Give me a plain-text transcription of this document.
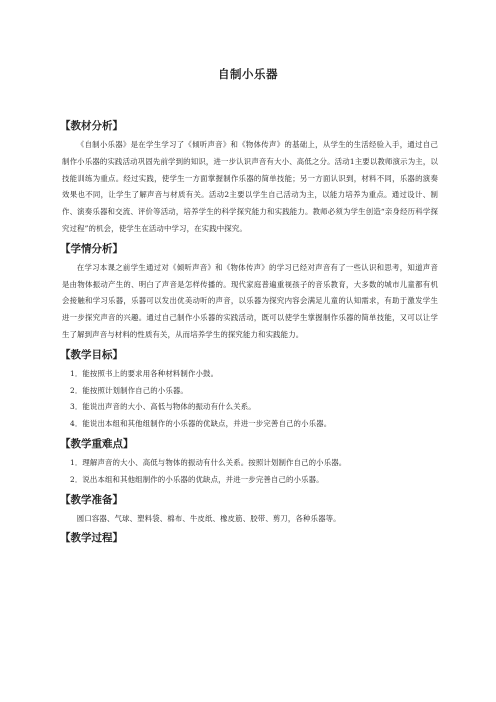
自制小乐器
【教材分析】

《自制小乐器》是在学生学习了《倾听声音》和《物体传声》的基础上，从学生的生活经验入手，通过自己制作小乐器的实践活动巩固先前学到的知识，进一步认识声音有大小、高低之分。活动1主要以教师演示为主，以技能训练为重点。经过实践，使学生一方面掌握制作乐器的简单技能；另一方面认识到，材料不同，乐器的演奏效果也不同，让学生了解声音与材质有关。活动2主要以学生自己活动为主，以能力培养为重点。通过设计、制作、演奏乐器和交流、评价等活动，培养学生的科学探究能力和实践能力。教师必须为学生创造“亲身经历科学探究过程”的机会，使学生在活动中学习，在实践中探究。

【学情分析】

在学习本课之前学生通过对《倾听声音》和《物体传声》的学习已经对声音有了一些认识和思考，知道声音是由物体振动产生的、明白了声音是怎样传播的。现代家庭普遍重视孩子的音乐教育，大多数的城市儿童都有机会接触和学习乐器，乐器可以发出优美动听的声音，以乐器为探究内容会满足儿童的认知需求，有助于激发学生进一步探究声音的兴趣。通过自己制作小乐器的实践活动，既可以使学生掌握制作乐器的简单技能，又可以让学生了解到声音与材料的性质有关，从而培养学生的探究能力和实践能力。

【教学目标】
1．能按照书上的要求用各种材料制作小鼓。
2．能按照计划制作自己的小乐器。
3．能说出声音的大小、高低与物体的振动有什么关系。
4．能说出本组和其他组制作的小乐器的优缺点，并进一步完善自己的小乐器。
【教学重难点】
1．理解声音的大小、高低与物体的振动有什么关系。按照计划制作自己的小乐器。
2．说出本组和其他组制作的小乐器的优缺点，并进一步完善自己的小乐器。
【教学准备】

圆口容器、气球、塑料袋、棉布、牛皮纸、橡皮筋、胶带、剪刀，各种乐器等。

【教学过程】
